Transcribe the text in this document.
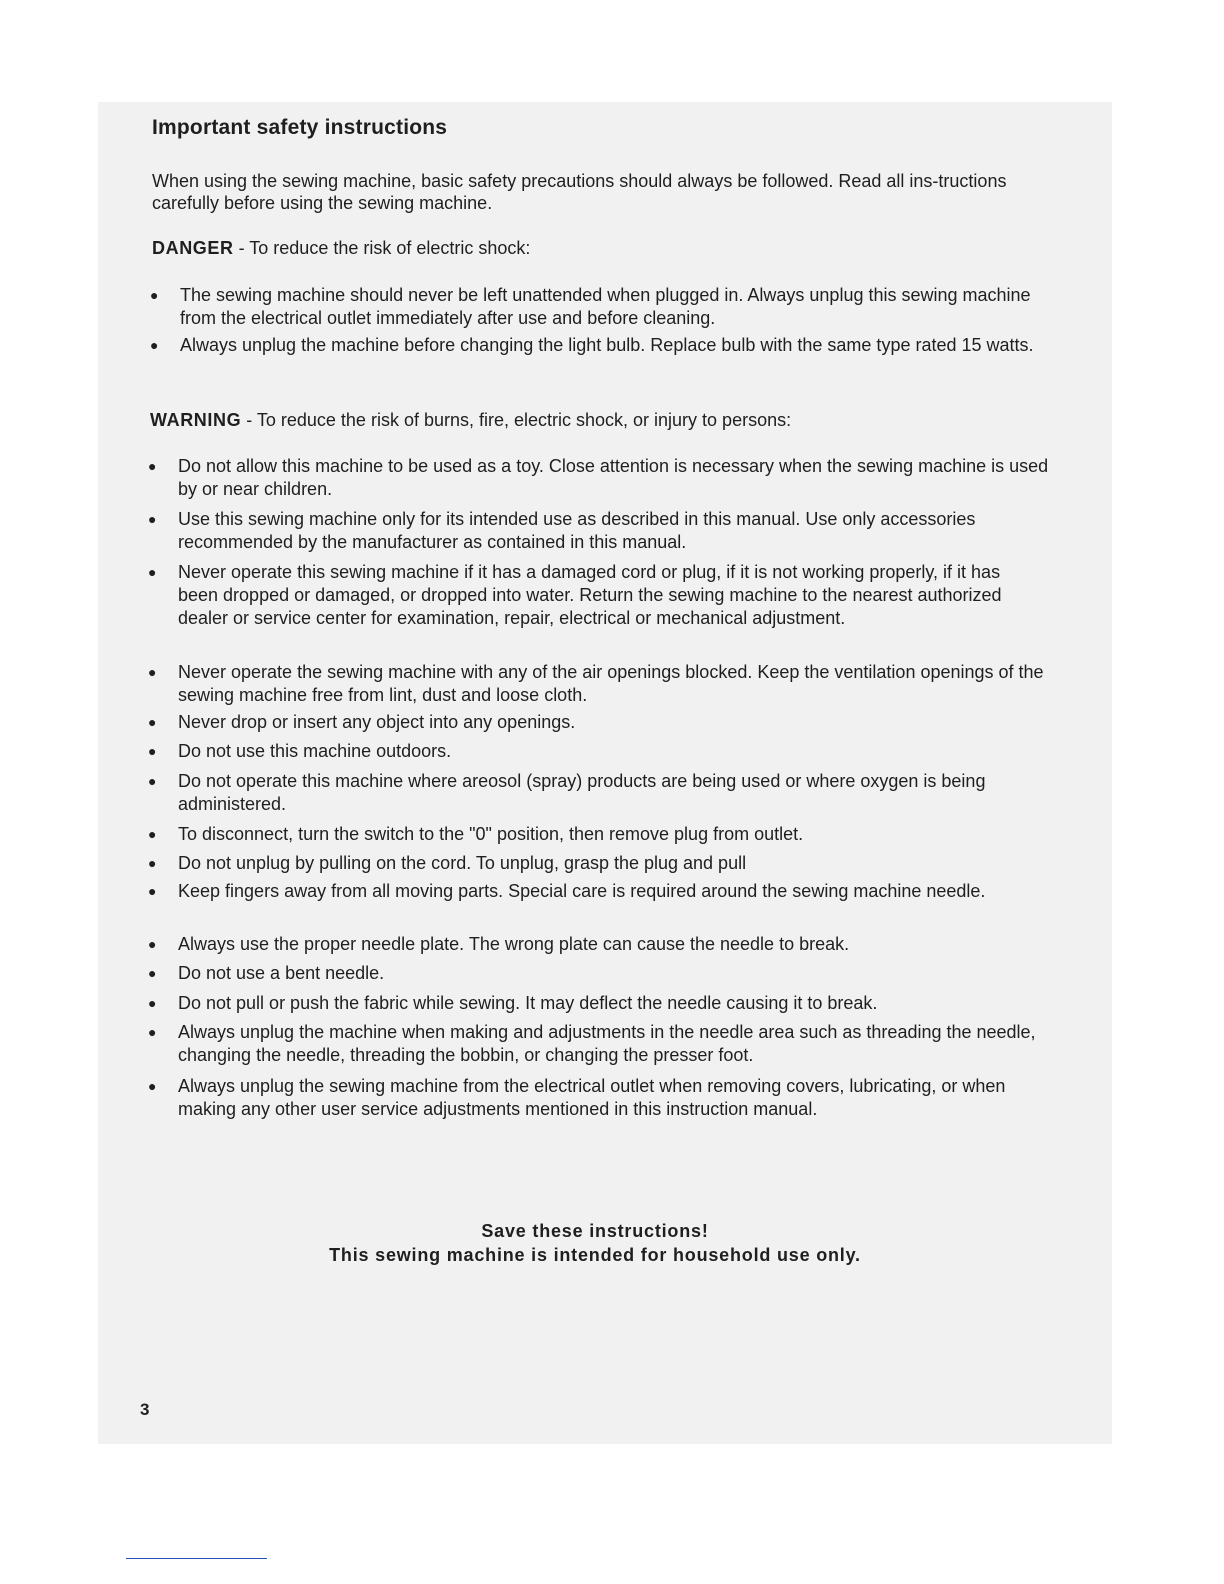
Important safety instructions

When using the sewing machine, basic safety precautions should always be followed. Read all ins-tructions carefully before using the sewing machine.

DANGER - To reduce the risk of electric shock:

● The sewing machine should never be left unattended when plugged in. Always unplug this sewing machine from the electrical outlet immediately after use and before cleaning.
● Always unplug the machine before changing the light bulb. Replace bulb with the same type rated 15 watts.

WARNING - To reduce the risk of burns, fire, electric shock, or injury to persons:

● Do not allow this machine to be used as a toy. Close attention is necessary when the sewing machine is used by or near children.
● Use this sewing machine only for its intended use as described in this manual. Use only accessories recommended by the manufacturer as contained in this manual.
● Never operate this sewing machine if it has a damaged cord or plug, if it is not working properly, if it has been dropped or damaged, or dropped into water. Return the sewing machine to the nearest authorized dealer or service center for examination, repair, electrical or mechanical adjustment.
● Never operate the sewing machine with any of the air openings blocked. Keep the ventilation openings of the sewing machine free from lint, dust and loose cloth.
● Never drop or insert any object into any openings.
● Do not use this machine outdoors.
● Do not operate this machine where areosol (spray) products are being used or where oxygen is being administered.
● To disconnect, turn the switch to the "0" position, then remove plug from outlet.
● Do not unplug by pulling on the cord. To unplug, grasp the plug and pull
● Keep fingers away from all moving parts. Special care is required around the sewing machine needle.
● Always use the proper needle plate. The wrong plate can cause the needle to break.
● Do not use a bent needle.
● Do not pull or push the fabric while sewing. It may deflect the needle causing it to break.
● Always unplug the machine when making and adjustments in the needle area such as threading the needle, changing the needle, threading the bobbin, or changing the presser foot.
● Always unplug the sewing machine from the electrical outlet when removing covers, lubricating, or when making any other user service adjustments mentioned in this instruction manual.

Save these instructions!

This sewing machine is intended for household use only.

3
